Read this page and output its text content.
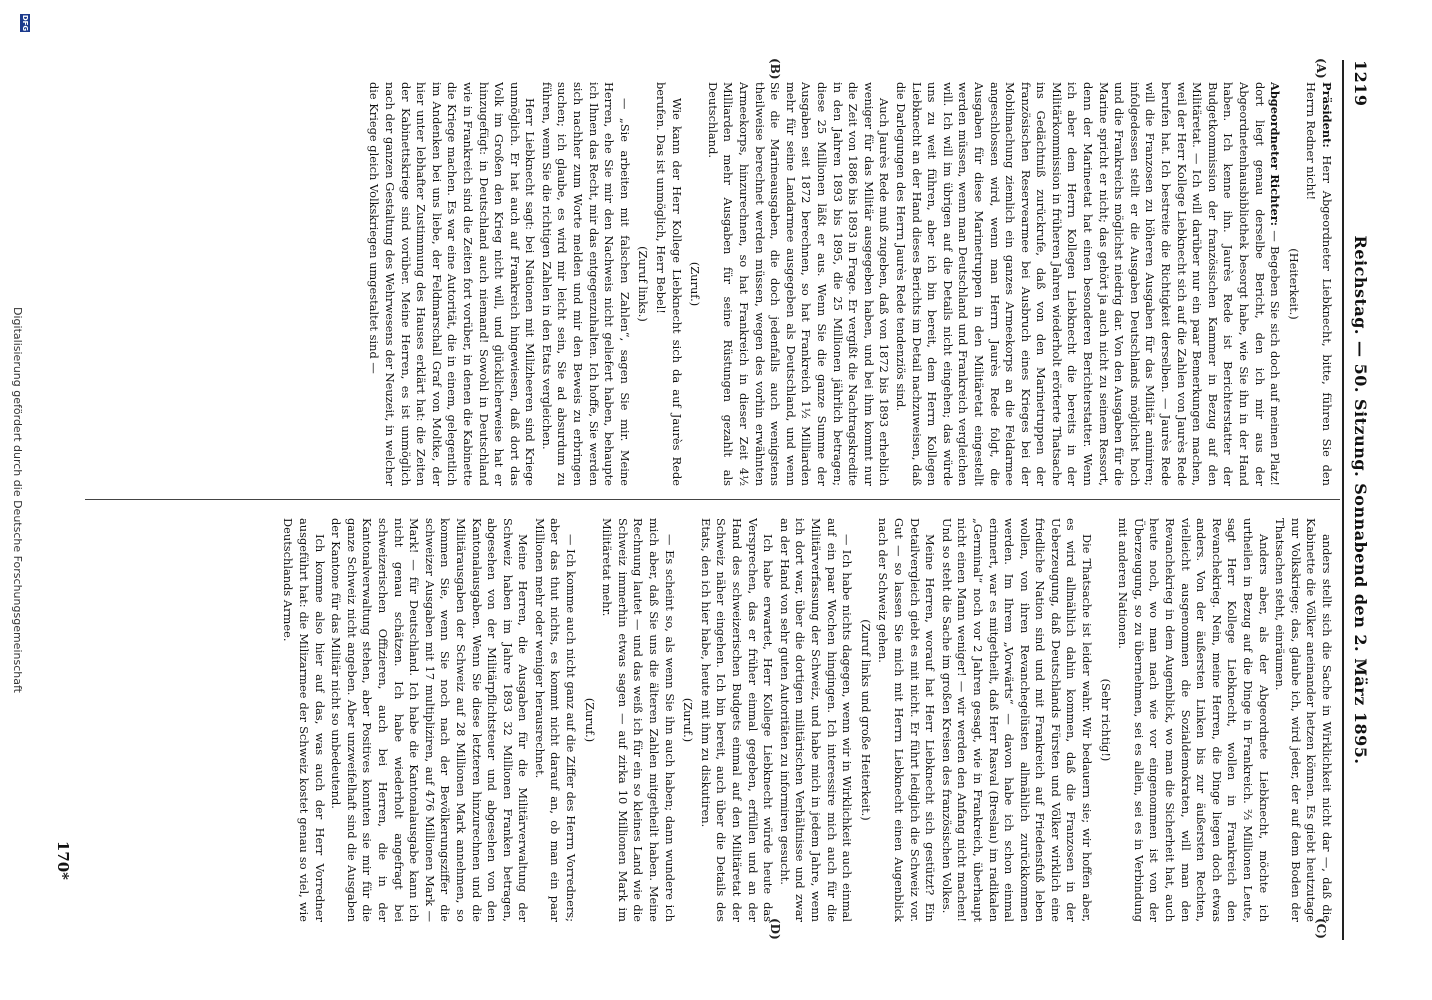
1219
Reichstag. — 50. Sitzung. Sonnabend den 2. März 1895.
(A)
(B)
(C)
(D)

Präsident: Herr Abgeordneter Liebknecht, bitte, führen Sie den Herrn Redner nicht!

(Heiterkeit.)

Abgeordneter Richter: — Begeben Sie sich doch auf meinen Platz! dort liegt genau derselbe Bericht, den ich mir aus der Abgeordnetenhausbibliothek besorgt habe, wie Sie ihn in der Hand haben. Ich kenne ihn. Jaurès Rede ist Berichterstatter der Budgetkommission der französischen Kammer in Bezug auf den Militäretat. — Ich will darüber nur ein paar Bemerkungen machen, weil der Herr Kollege Liebknecht sich auf die Zahlen von Jaurès Rede berufen hat. Ich bestreite die Richtigkeit derselben. — Jaurès Rede will die Franzosen zu höheren Ausgaben für das Militär animiren; infolgedessen stellt er die Ausgaben Deutschlands möglichst hoch und die Frankreichs möglichst niedrig dar. Von den Ausgaben für die Marine spricht er nicht; das gehört ja auch nicht zu seinem Ressort, denn der Marineetat hat einen besonderen Berichterstatter. Wenn ich aber dem Herrn Kollegen Liebknecht die bereits in der Militärkommission in früheren Jahren wiederholt erörterte Thatsache ins Gedächtniß zurückrufe, daß von den Marinetruppen der französischen Reservearmee bei Ausbruch eines Krieges bei der Mobilmachung ziemlich ein ganzes Armeekorps an die Feldarmee angeschlossen wird, wenn man Herrn Jaurès Rede folgt, die Ausgaben für diese Marinetruppen in den Militäretat eingestellt werden müssen, wenn man Deutschland und Frankreich vergleichen will. Ich will im übrigen auf die Details nicht eingehen; das würde uns zu weit führen, aber ich bin bereit, dem Herrn Kollegen Liebknecht an der Hand dieses Berichts im Detail nachzuweisen, daß die Darlegungen des Herrn Jaurès Rede tendenziös sind.

Auch Jaurès Rede muß zugeben, daß von 1872 bis 1893 erheblich weniger für das Militär ausgegeben haben, und bei ihm kommt nur die Zeit von 1886 bis 1893 in Frage. Er vergißt die Nachtragskredite in den Jahren 1893 bis 1895, die 25 Millionen jährlich betragen; diese 25 Millionen läßt er aus. Wenn Sie die ganze Summe der Ausgaben seit 1872 berechnen, so hat Frankreich 1½ Milliarden mehr für seine Landarmee ausgegeben als Deutschland, und wenn Sie die Marineausgaben, die doch jedenfalls auch wenigstens theilweise berechnet werden müssen, wegen des vorhin erwähnten Armeekorps, hinzurechnen, so hat Frankreich in dieser Zeit 4½ Milliarden mehr Ausgaben für seine Rüstungen gezahlt als Deutschland.

(Zuruf.)

Wie kann der Herr Kollege Liebknecht sich da auf Jaurès Rede berufen. Das ist unmöglich, Herr Bebel!

(Zuruf links.)

— „Sie arbeiten mit falschen Zahlen“, sagen Sie mir. Meine Herren, ehe Sie mir den Nachweis nicht geliefert haben, behaupte ich Ihnen das Recht, mir das entgegenzuhalten. Ich hoffe, Sie werden sich nachher zum Worte melden und mir den Beweis zu erbringen suchen; ich glaube, es wird mir leicht sein, Sie ad absurdum zu führen, wenn Sie die richtigen Zahlen in den Etats vergleichen.

Herr Liebknecht sagt: bei Nationen mit Milizheeren sind Kriege unmöglich. Er hat auch auf Frankreich hingewiesen, daß dort das Volk im Großen den Krieg nicht will, und glücklicherweise hat er hinzugefügt: in Deutschland auch niemand! Sowohl in Deutschland wie in Frankreich sind die Zeiten fort vorüber, in denen die Kabinette die Kriege machen. Es war eine Autorität, die in einem, gelegentlich im Andenken bei uns liebe, der Feldmarschall Graf von Moltke, der hier unter lebhafter Zustimmung des Hauses erklärt hat: die Zeiten der Kabinettskriege sind vorüber. Meine Herren, es ist unmöglich nach der ganzen Gestaltung des Wehrwesens der Neuzeit, in welcher die Kriege gleich Volkskriegen umgestaltet sind —

anders stellt sich die Sache in Wirklichkeit nicht dar —, daß die Kabinette die Völker aneinander hetzen können. Es giebt heutzutage nur Volkskriege; das, glaube ich, wird jeder, der auf dem Boden der Thatsachen steht, einräumen.

Anders aber, als der Abgeordnete Liebknecht, möchte ich urtheilen in Bezug auf die Dinge in Frankreich. ⅔ Millionen Leute, sagt Herr Kollege Liebknecht, wollen in Frankreich den Revanchekrieg. Nein, meine Herren, die Dinge liegen doch etwas anders. Von der äußersten Linken bis zur äußersten Rechten, vielleicht ausgenommen die Sozialdemokraten, will man den Revanchekrieg in dem Augenblick, wo man die Sicherheit hat, auch heute noch, wo man nach wie vor eingenommen ist von der Überzeugung, so zu übernehmen, sei es allein, sei es in Verbindung mit anderen Nationen.

(Sehr richtig!)

Die Thatsache ist leider wahr. Wir bedauern sie; wir hoffen aber, es wird allmählich dahin kommen, daß die Franzosen in der Ueberzeugung, daß Deutschlands Fürsten und Völker wirklich eine friedliche Nation sind und mit Frankreich auf Friedensfuß leben wollen, von ihren Revanchegelüsten allmählich zurückkommen werden. Im Ihrem „Vorwärts“ — davon habe ich schon einmal erinnert, war es mitgetheilt, daß Herr Rasval (Breslau) im radikalen „Germinal“ noch vor 2 Jahren gesagt, wie in Frankreich, überhaupt nicht einen Mann weniger! — wir werden den Anfang nicht machen! Und so steht die Sache im großen Kreisen des französischen Volkes.

Meine Herren, worauf hat Herr Liebknecht sich gestützt? Ein Detailvergleich giebt es mit nicht. Er führt lediglich die Schweiz vor. Gut — so lassen Sie mich mit Herrn Liebknecht einen Augenblick nach der Schweiz gehen.

(Zuruf links und große Heiterkeit.)

— Ich habe nichts dagegen, wenn wir in Wirklichkeit auch einmal auf ein paar Wochen hingingen. Ich interessire mich auch für die Militärverfassung der Schweiz, und habe mich in jedem Jahre, wenn ich dort war, über die dortigen militärischen Verhältnisse und zwar an der Hand von sehr guten Autoritäten zu informiren gesucht.

Ich habe erwartet, Herr Kollege Liebknecht würde heute das Versprechen, das er früher einmal gegeben, erfüllen und an der Hand des schweizerischen Budgets einmal auf den Militäretat der Schweiz näher eingehen. Ich bin bereit, auch über die Details des Etats, den ich hier habe, heute mit ihm zu diskutiren.

(Zuruf.)

— Es scheint so, als wenn Sie ihn auch haben; dann wundere ich mich aber, daß Sie uns die älteren Zahlen mitgetheilt haben. Meine Rechnung lautet — und das weiß ich für ein so kleines Land wie die Schweiz immerhin etwas sagen — auf zirka 10 Millionen Mark im Militäretat mehr.

(Zuruf.)

— Ich komme auch nicht ganz auf die Ziffer des Herrn Vorredners; aber das thut nichts, es kommt nicht darauf an, ob man ein paar Millionen mehr oder weniger herausrechnet.

Meine Herren, die Ausgaben für die Militärverwaltung der Schweiz haben im Jahre 1893 32 Millionen Franken betragen, abgesehen von der Militärpflichtsteuer und abgesehen von den Kantonalausgaben. Wenn Sie diese letzteren hinzurechnen und die Militärausgaben der Schweiz auf 28 Millionen Mark annehmen, so kommen Sie, wenn Sie noch nach der Bevölkerungsziffer die schweizer Ausgaben mit 17 multipliziren, auf 476 Millionen Mark — Mark! — für Deutschland. Ich habe die Kantonalausgabe kann ich nicht genau schätzen. Ich habe wiederholt angefragt bei schweizerischen Offizieren, auch bei Herren, die in der Kantonalverwaltung stehen, aber Positives konnten sie mir für die ganze Schweiz nicht angeben. Aber unzweifelhaft sind die Ausgaben der Kantone für das Militär nicht so unbedeutend.

Ich komme also hier auf das, was auch der Herr Vorredner ausgeführt hat: die Milizarmee der Schweiz kostet genau so viel, wie Deutschlands Armee.

170*
DFG
Digitalisierung gefördert durch die Deutsche Forschungsgemeinschaft
